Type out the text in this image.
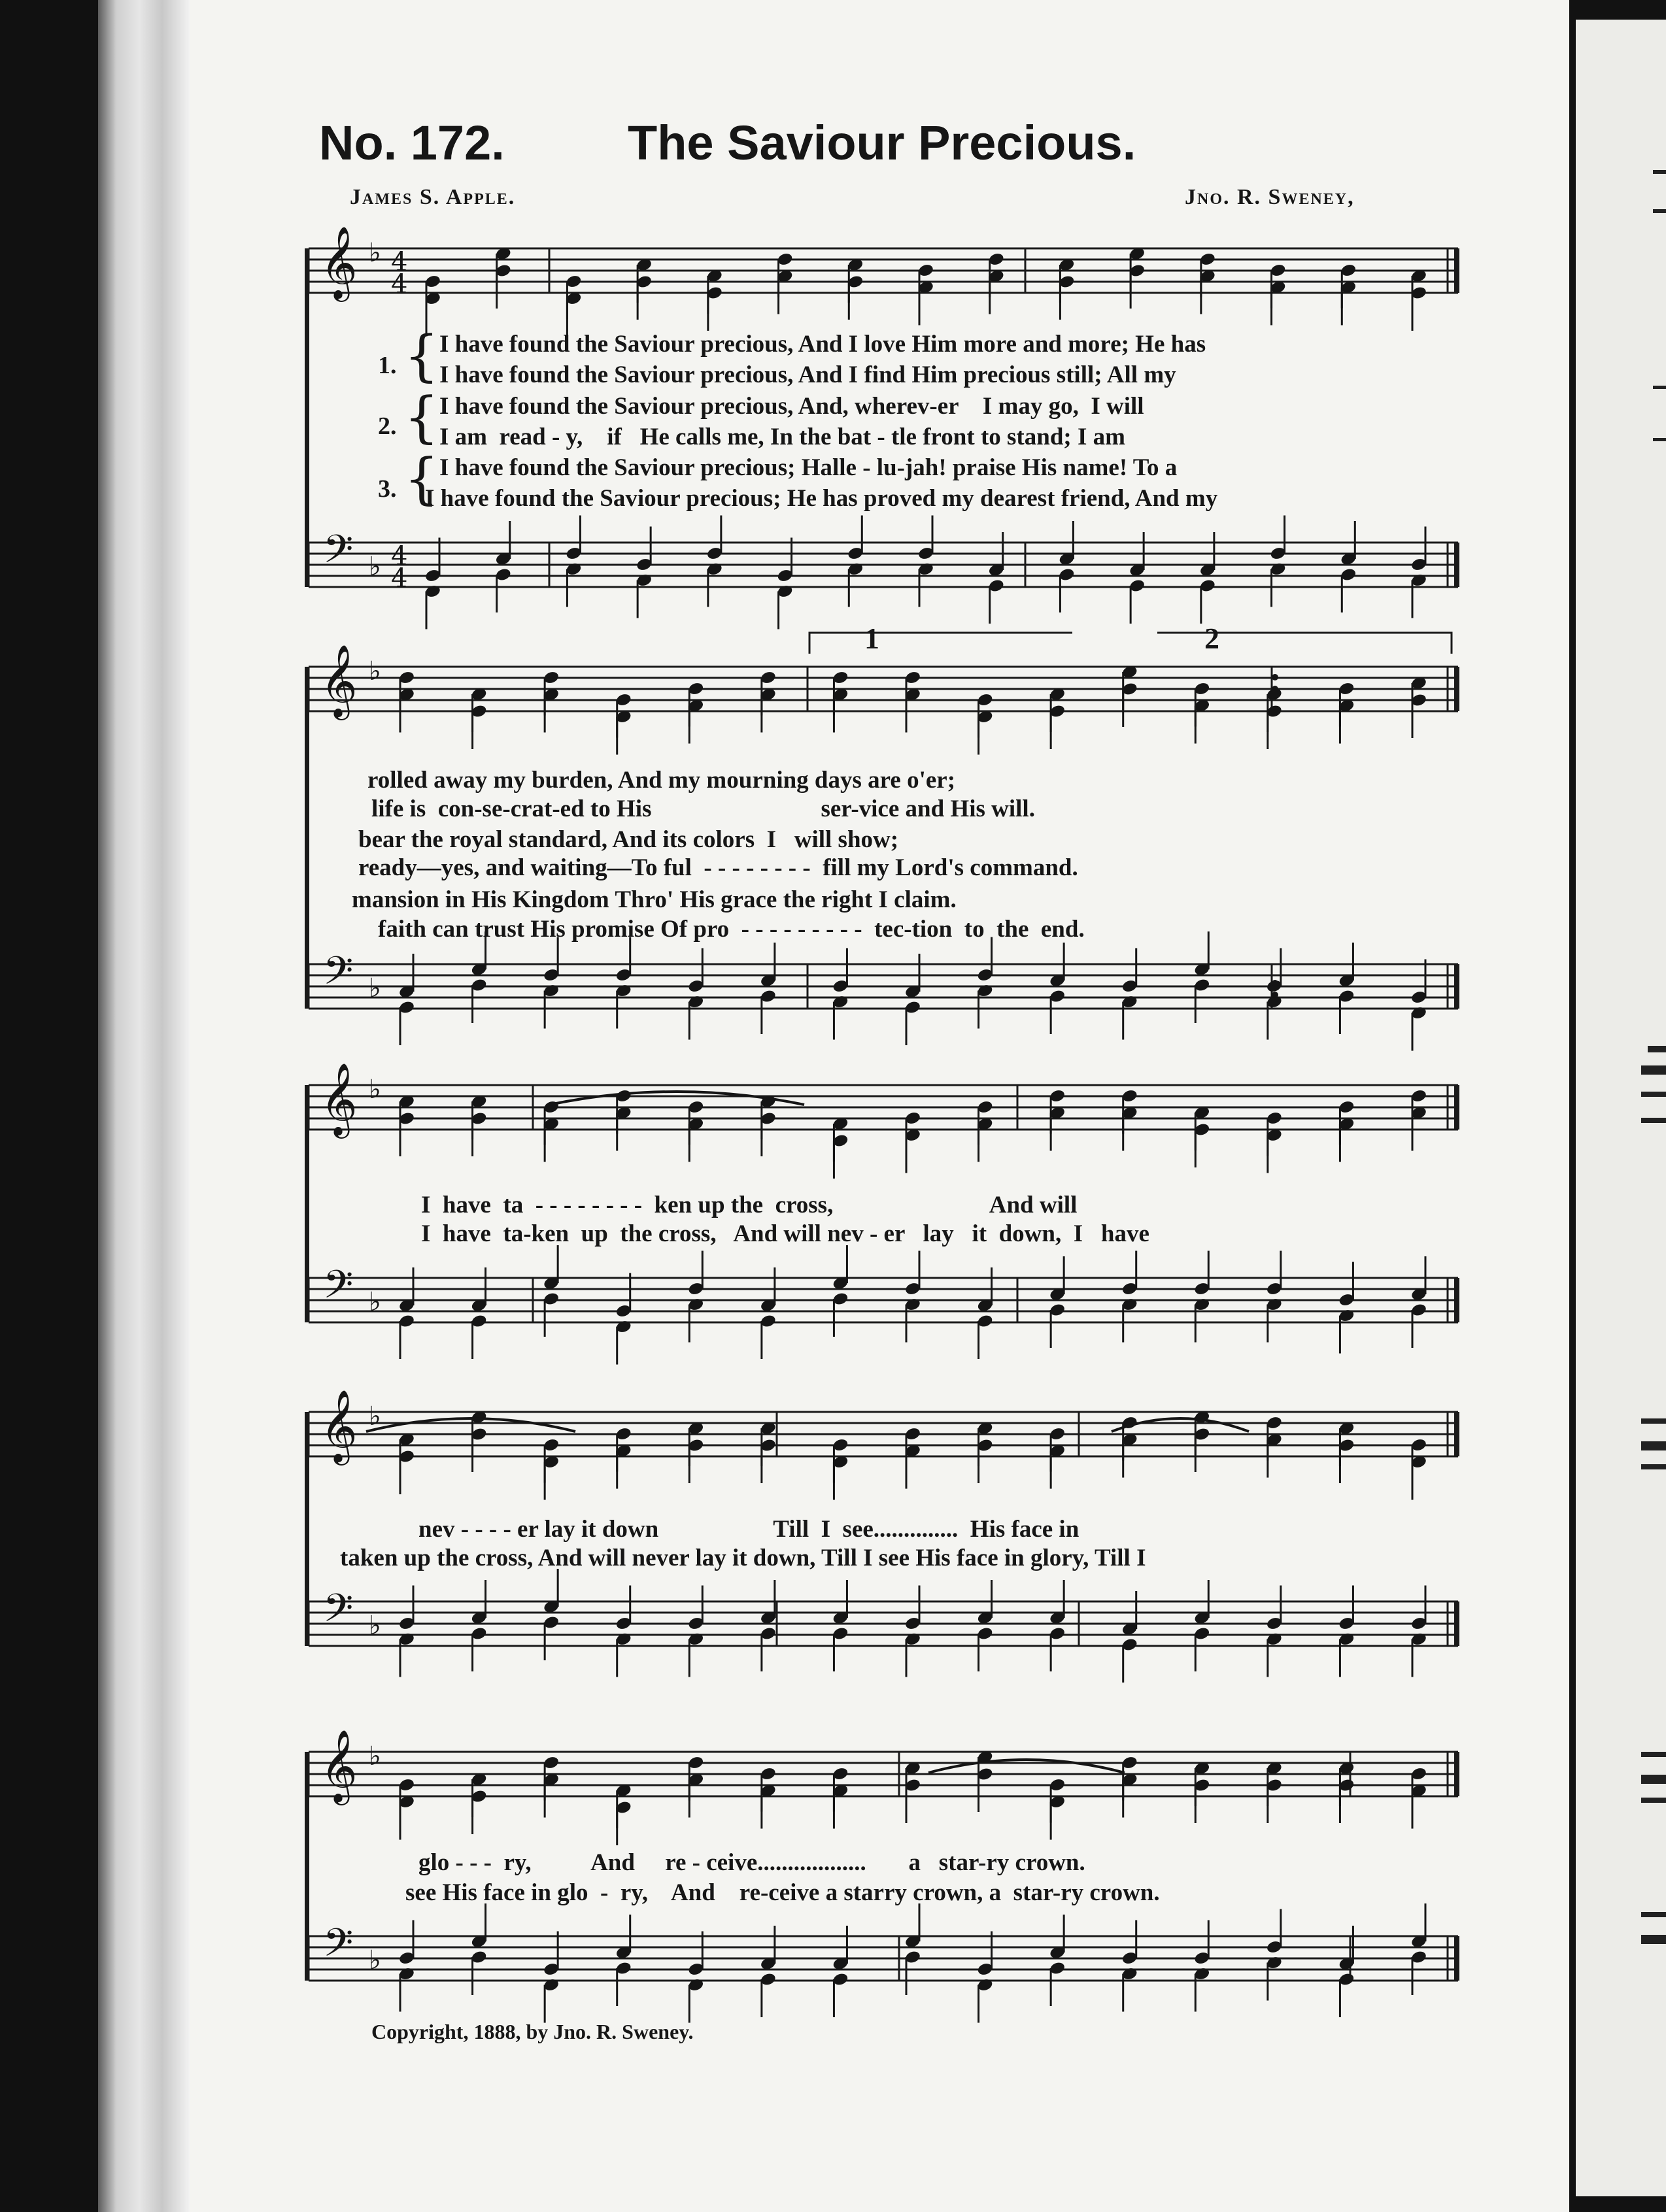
No. 172.	The Saviour Precious.
James S. Apple.	Jno. R. Sweney,
𝄞
𝄢
♭
♭
4
4
4
4
𝄞
𝄢
♭
♭
𝄞
𝄢
♭
♭
𝄞
𝄢
♭
♭
𝄞
𝄢
♭
♭
1	2
1. { I have found the Saviour precious, And I love Him more and more; He has
I have found the Saviour precious, And I find Him precious still; All my
2. { I have found the Saviour precious, And, wherev-er    I may go,  I will
I am  read - y,    if   He calls me, In the bat - tle front to stand; I am
3. { I have found the Saviour precious; Halle - lu-jah! praise His name! To a
I have found the Saviour precious; He has proved my dearest friend, And my
rolled away my burden, And my mourning days are o'er;
life is  con-se-crat-ed to His                            ser-vice and His will.
bear the royal standard, And its colors  I   will show;
ready—yes, and waiting—To ful  - - - - - - - -  fill my Lord's command.
mansion in His Kingdom Thro' His grace the right I claim.
faith can trust His promise Of pro  - - - - - - - - -  tec-tion  to  the  end.
I  have  ta  - - - - - - - -  ken up the  cross,                          And will
I  have  ta-ken  up  the cross,   And will nev - er   lay   it  down,  I   have
nev - - - - er lay it down                   Till  I  see..............  His face in
taken up the cross, And will never lay it down, Till I see His face in glory, Till I
glo - - -  ry,          And     re - ceive..................       a   star-ry crown.
see His face in glo  -  ry,    And    re-ceive a starry crown, a  star-ry crown.
Copyright, 1888, by Jno. R. Sweney.
